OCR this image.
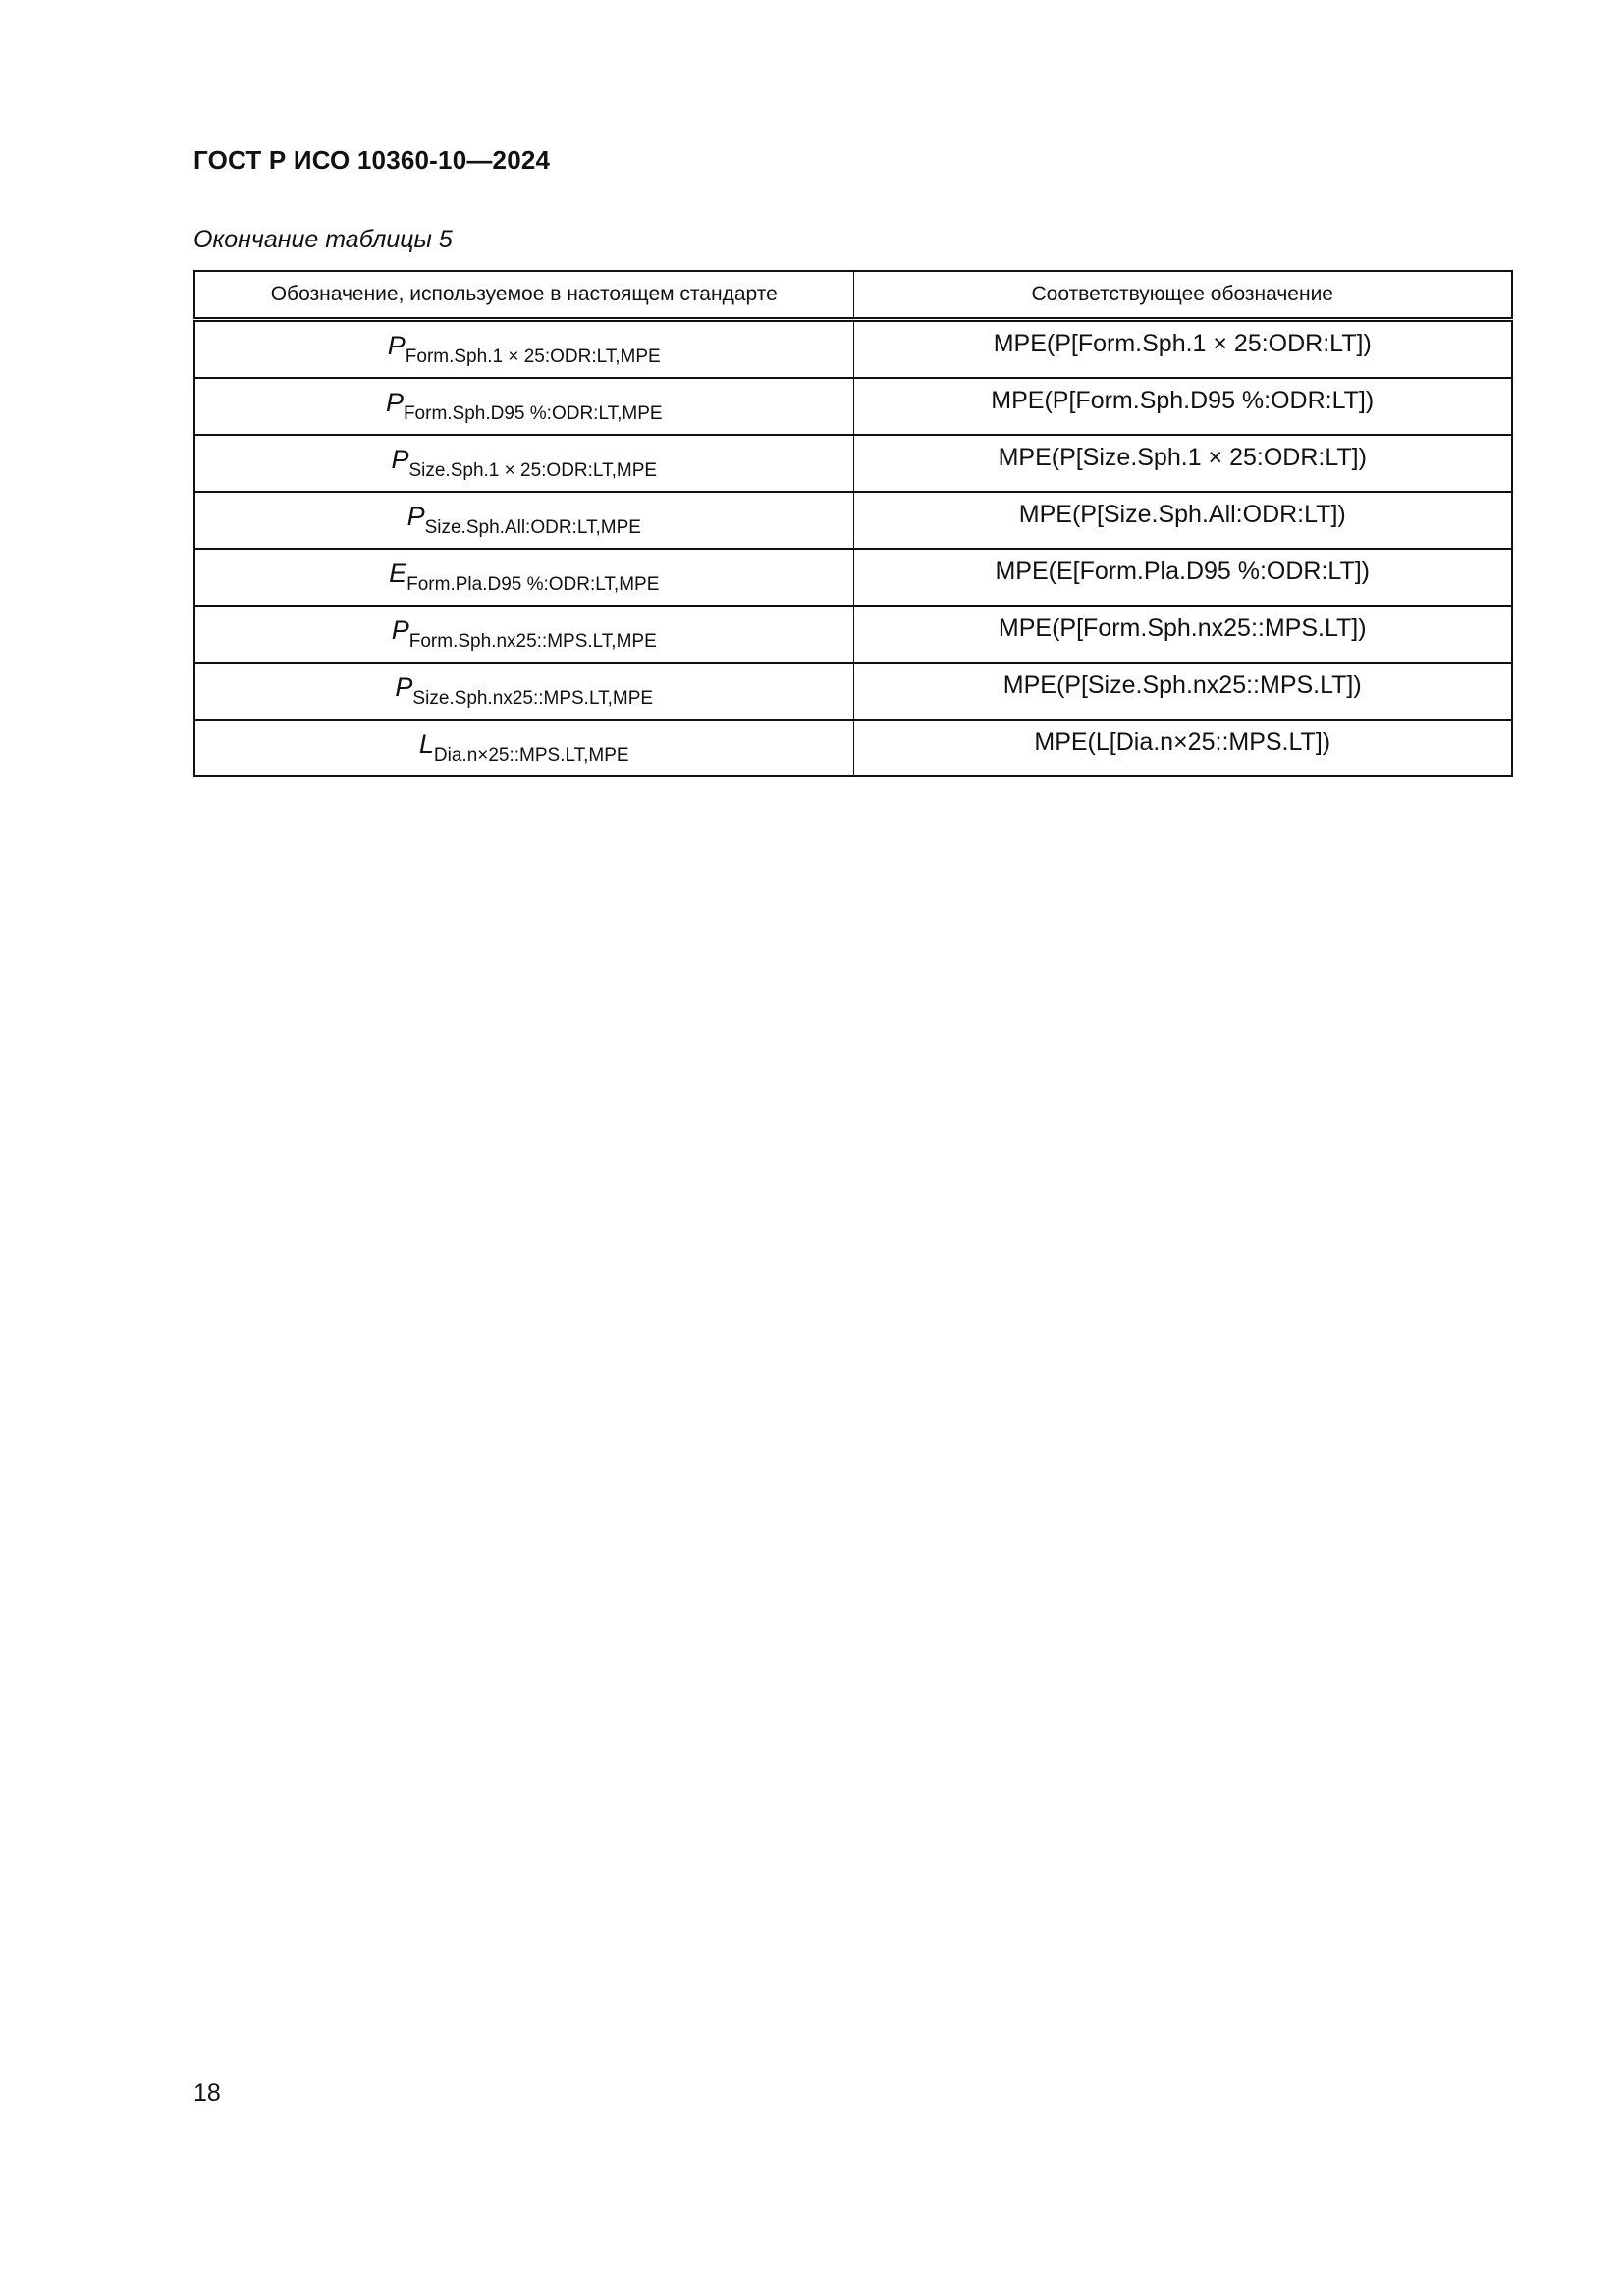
ГОСТ Р ИСО 10360-10—2024
Окончание таблицы 5
Обозначение, используемое в настоящем стандарте	Соответствующее обозначение
PForm.Sph.1 × 25:ODR:LT,MPE	MPE(P[Form.Sph.1 × 25:ODR:LT])
PForm.Sph.D95 %:ODR:LT,MPE	MPE(P[Form.Sph.D95 %:ODR:LT])
PSize.Sph.1 × 25:ODR:LT,MPE	MPE(P[Size.Sph.1 × 25:ODR:LT])
PSize.Sph.All:ODR:LT,MPE	MPE(P[Size.Sph.All:ODR:LT])
EForm.Pla.D95 %:ODR:LT,MPE	MPE(E[Form.Pla.D95 %:ODR:LT])
PForm.Sph.nx25::MPS.LT,MPE	MPE(P[Form.Sph.nx25::MPS.LT])
PSize.Sph.nx25::MPS.LT,MPE	MPE(P[Size.Sph.nx25::MPS.LT])
LDia.n×25::MPS.LT,MPE	MPE(L[Dia.n×25::MPS.LT])
18
